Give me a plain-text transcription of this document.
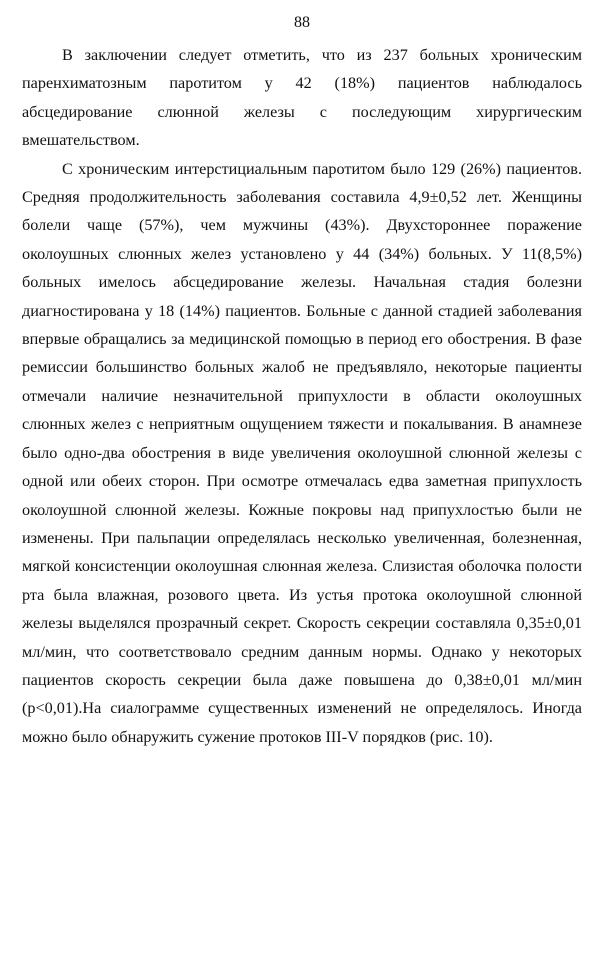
88

В заключении следует отметить, что из 237 больных хроническим паренхиматозным паротитом у 42 (18%) пациентов наблюдалось абсцедирование слюнной железы с последующим хирургическим вмешательством.

С хроническим интерстициальным паротитом было 129 (26%) пациентов. Средняя продолжительность заболевания составила 4,9±0,52 лет. Женщины болели чаще (57%), чем мужчины (43%). Двухстороннее поражение околоушных слюнных желез установлено у 44 (34%) больных. У 11(8,5%) больных имелось абсцедирование железы. Начальная стадия болезни диагностирована у 18 (14%) пациентов. Больные с данной стадией заболевания впервые обращались за медицинской помощью в период его обострения. В фазе ремиссии большинство больных жалоб не предъявляло, некоторые пациенты отмечали наличие незначительной припухлости в области околоушных слюнных желез с неприятным ощущением тяжести и покалывания. В анамнезе было одно-два обострения в виде увеличения околоушной слюнной железы с одной или обеих сторон. При осмотре отмечалась едва заметная припухлость околоушной слюнной железы. Кожные покровы над припухлостью были не изменены. При пальпации определялась несколько увеличенная, болезненная, мягкой консистенции околоушная слюнная железа. Слизистая оболочка полости рта была влажная, розового цвета. Из устья протока околоушной слюнной железы выделялся прозрачный секрет. Скорость секреции составляла 0,35±0,01 мл/мин, что соответствовало средним данным нормы. Однако у некоторых пациентов скорость секреции была даже повышена до 0,38±0,01 мл/мин (p<0,01).На сиалограмме существенных изменений не определялось. Иногда можно было обнаружить сужение протоков III-V порядков (рис. 10).
